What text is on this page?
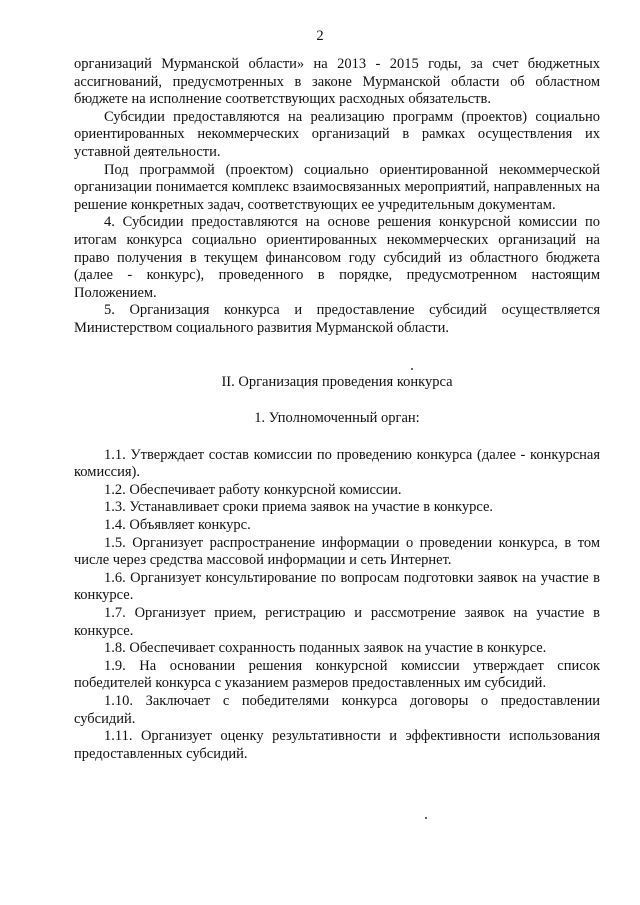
2

организаций Мурманской области» на 2013 - 2015 годы, за счет бюджетных ассигнований, предусмотренных в законе Мурманской области об областном бюджете на исполнение соответствующих расходных обязательств.

Субсидии предоставляются на реализацию программ (проектов) социально ориентированных некоммерческих организаций в рамках осуществления их уставной деятельности.

Под программой (проектом) социально ориентированной некоммерческой организации понимается комплекс взаимосвязанных мероприятий, направленных на решение конкретных задач, соответствующих ее учредительным документам.

4. Субсидии предоставляются на основе решения конкурсной комиссии по итогам конкурса социально ориентированных некоммерческих организаций на право получения в текущем финансовом году субсидий из областного бюджета (далее - конкурс), проведенного в порядке, предусмотренном настоящим Положением.

5. Организация конкурса и предоставление субсидий осуществляется Министерством социального развития Мурманской области.

II. Организация проведения конкурса

1. Уполномоченный орган:

1.1. Утверждает состав комиссии по проведению конкурса (далее - конкурсная комиссия).

1.2. Обеспечивает работу конкурсной комиссии.

1.3. Устанавливает сроки приема заявок на участие в конкурсе.

1.4. Объявляет конкурс.

1.5. Организует распространение информации о проведении конкурса, в том числе через средства массовой информации и сеть Интернет.

1.6. Организует консультирование по вопросам подготовки заявок на участие в конкурсе.

1.7. Организует прием, регистрацию и рассмотрение заявок на участие в конкурсе.

1.8. Обеспечивает сохранность поданных заявок на участие в конкурсе.

1.9. На основании решения конкурсной комиссии утверждает список победителей конкурса с указанием размеров предоставленных им субсидий.

1.10. Заключает с победителями конкурса договоры о предоставлении субсидий.

1.11. Организует оценку результативности и эффективности использования предоставленных субсидий.
